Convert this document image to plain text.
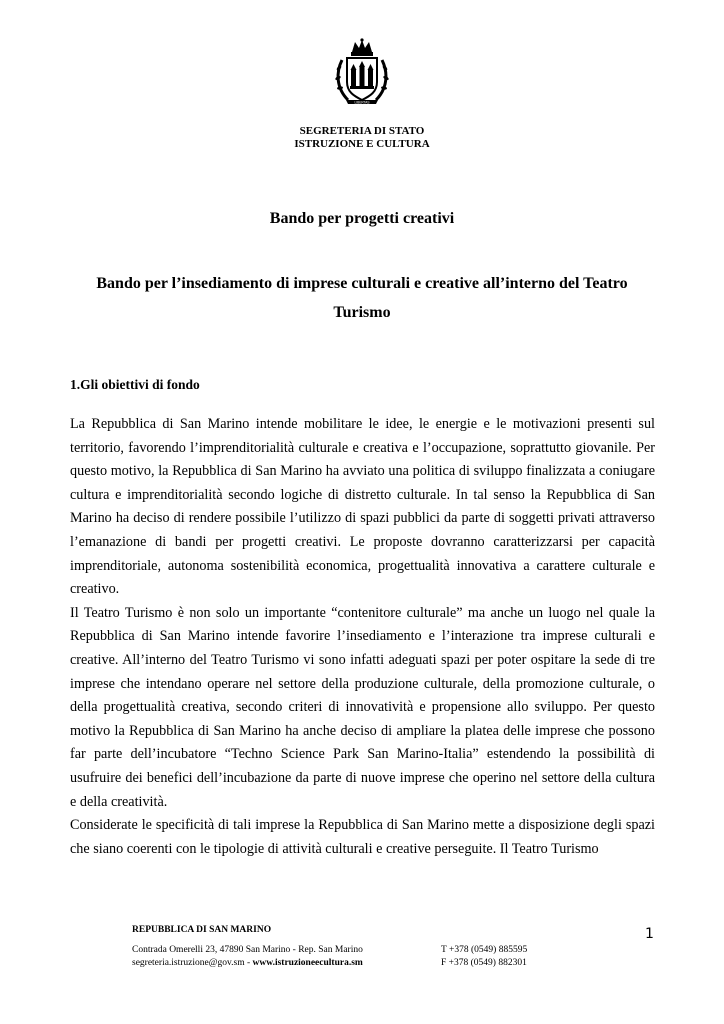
LIBERTAS
SEGRETERIA DI STATO
ISTRUZIONE E CULTURA
Bando per progetti creativi
Bando per l’insediamento di imprese culturali e creative all’interno del Teatro Turismo
1.Gli obiettivi di fondo

La Repubblica di San Marino intende mobilitare le idee, le energie e le motivazioni presenti sul territorio, favorendo l’imprenditorialità culturale e creativa e l’occupazione, soprattutto giovanile. Per questo motivo, la Repubblica di San Marino ha avviato una politica di sviluppo finalizzata a coniugare cultura e imprenditorialità secondo logiche di distretto culturale. In tal senso la Repubblica di San Marino ha deciso di rendere possibile l’utilizzo di spazi pubblici da parte di soggetti privati attraverso l’emanazione di bandi per progetti creativi. Le proposte dovranno caratterizzarsi per capacità imprenditoriale, autonoma sostenibilità economica, progettualità innovativa a carattere culturale e creativo.

Il Teatro Turismo è non solo un importante “contenitore culturale” ma anche un luogo nel quale la Repubblica di San Marino intende favorire l’insediamento e l’interazione tra imprese culturali e creative. All’interno del Teatro Turismo vi sono infatti adeguati spazi per poter ospitare la sede di tre imprese che intendano operare nel settore della produzione culturale, della promozione culturale, o della progettualità creativa, secondo criteri di innovatività e propensione allo sviluppo. Per questo motivo la Repubblica di San Marino ha anche deciso di ampliare la platea delle imprese che possono far parte dell’incubatore “Techno Science Park San Marino-Italia” estendendo la possibilità di usufruire dei benefici dell’incubazione da parte di nuove imprese che operino nel settore della cultura e della creatività.

Considerate le specificità di tali imprese la Repubblica di San Marino mette a disposizione degli spazi che siano coerenti con le tipologie di attività culturali e creative perseguite. Il Teatro Turismo

REPUBBLICA DI SAN MARINO
Contrada Omerelli 23, 47890 San Marino - Rep. San Marino	T +378 (0549) 885595
segreteria.istruzione@gov.sm - www.istruzioneecultura.sm	F +378 (0549) 882301
1
